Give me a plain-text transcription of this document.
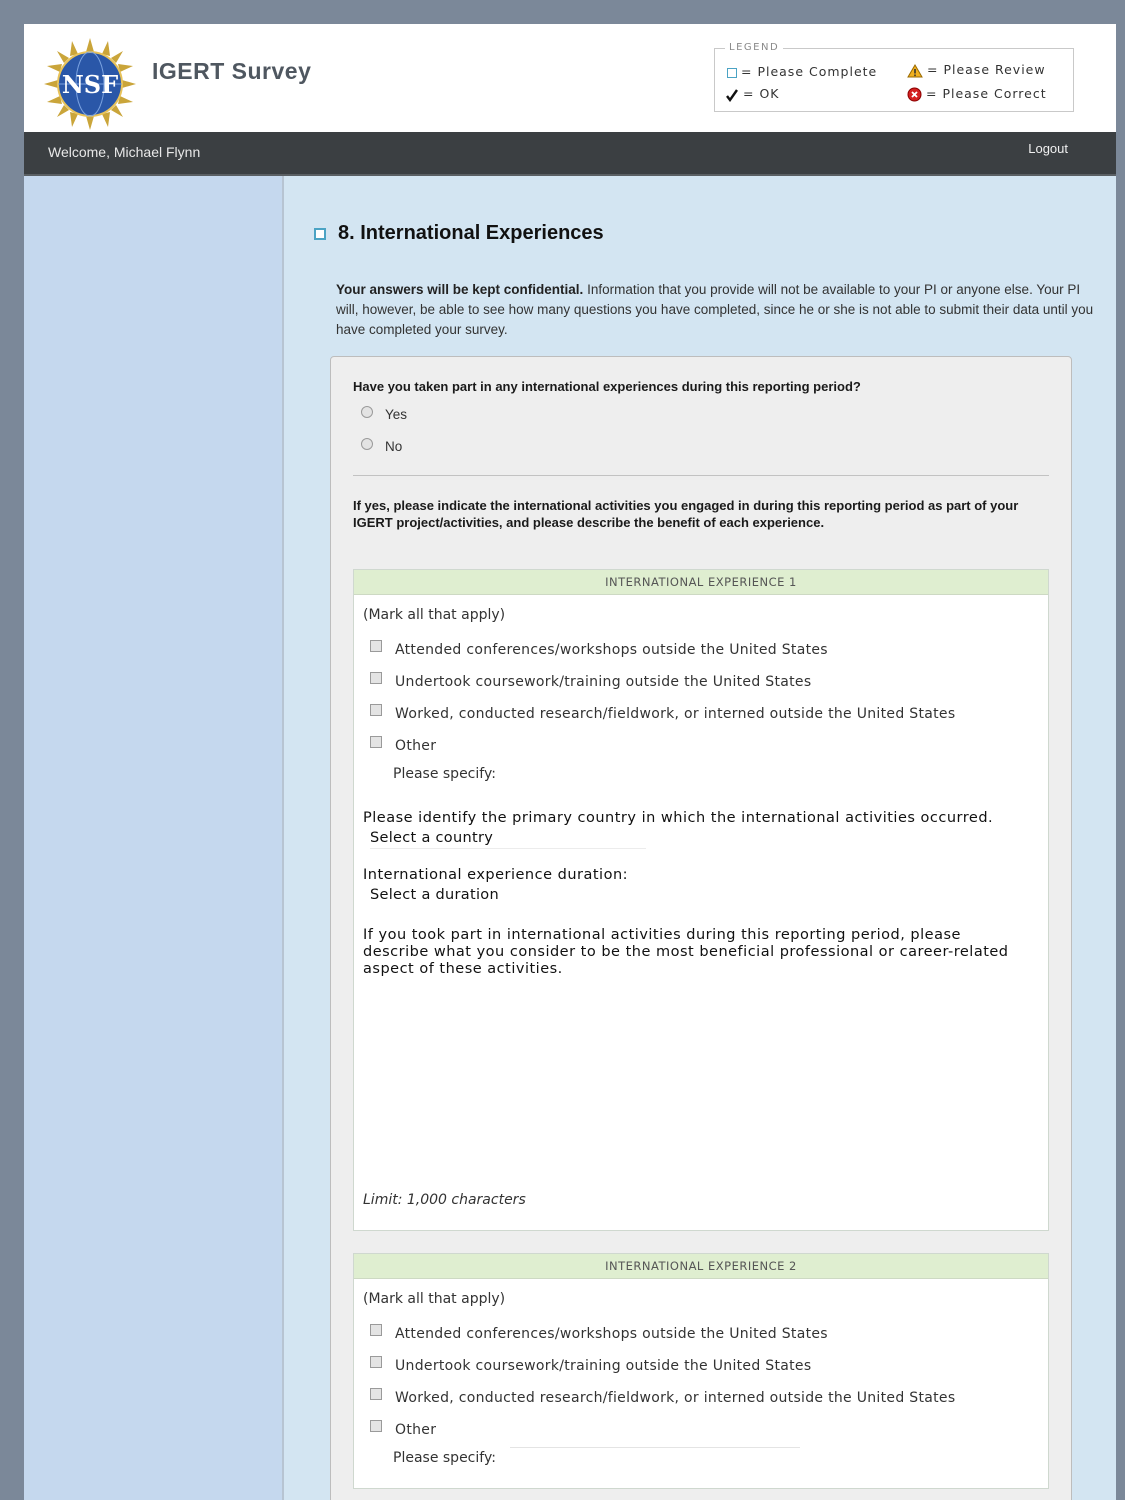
NSF IGERT Survey
LEGEND
= Please Complete	= Please Review
= OK	= Please Correct
Welcome, Michael Flynn	Logout
8. International Experiences
Your answers will be kept confidential. Information that you provide will not be available to your PI or anyone else. Your PI will, however, be able to see how many questions you have completed, since he or she is not able to submit their data until you have completed your survey.
Have you taken part in any international experiences during this reporting period?
Yes
No
If yes, please indicate the international activities you engaged in during this reporting period as part of your IGERT project/activities, and please describe the benefit of each experience.
INTERNATIONAL EXPERIENCE 1
(Mark all that apply)
Attended conferences/workshops outside the United States
Undertook coursework/training outside the United States
Worked, conducted research/fieldwork, or interned outside the United States
Other
Please specify:
Please identify the primary country in which the international activities occurred.
Select a country
International experience duration:
Select a duration
If you took part in international activities during this reporting period, please describe what you consider to be the most beneficial professional or career-related aspect of these activities.
Limit: 1,000 characters
INTERNATIONAL EXPERIENCE 2
(Mark all that apply)
Attended conferences/workshops outside the United States
Undertook coursework/training outside the United States
Worked, conducted research/fieldwork, or interned outside the United States
Other
Please specify:
